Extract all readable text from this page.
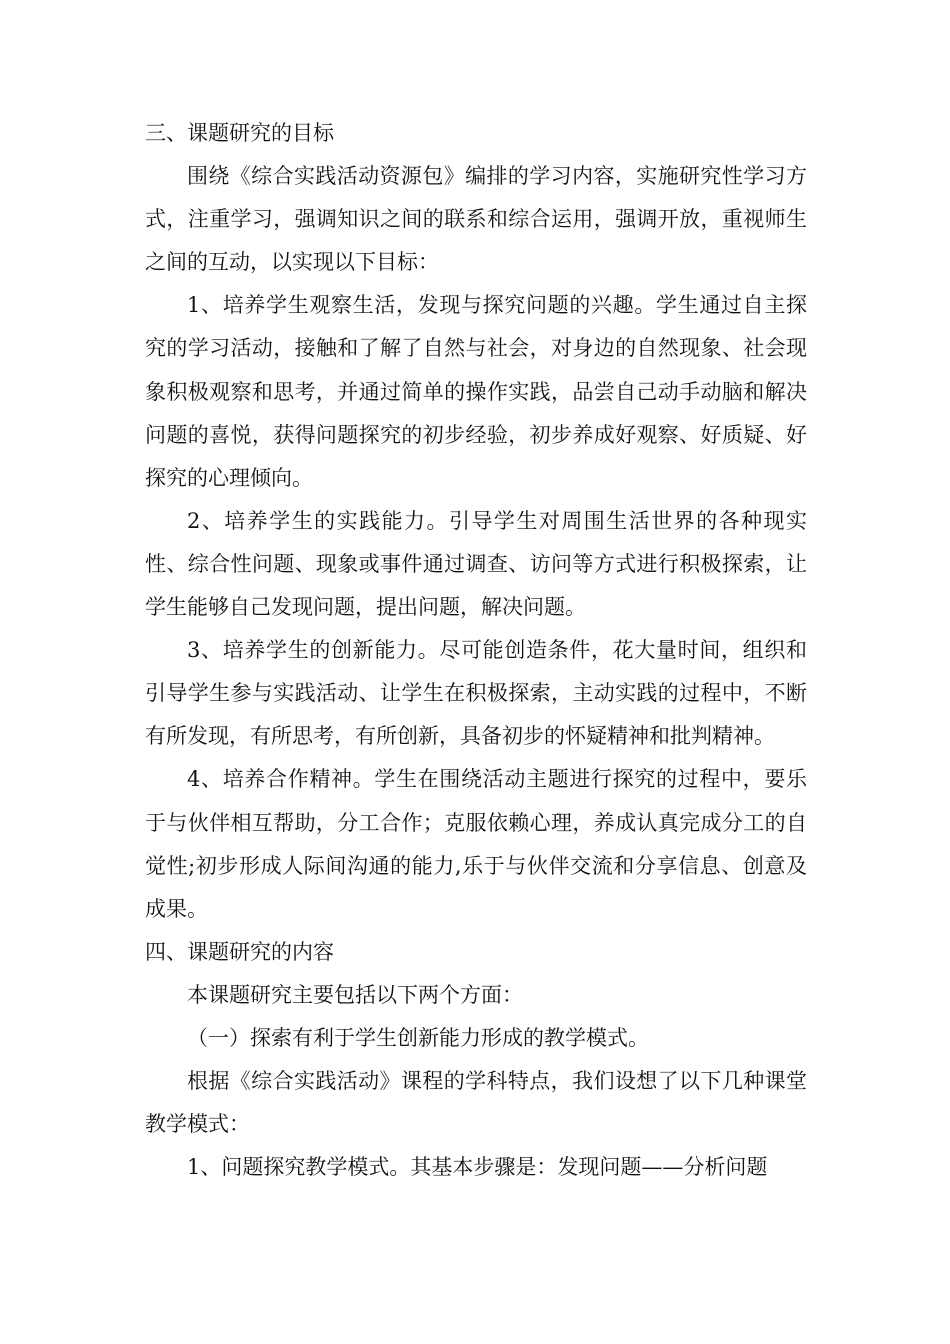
三、课题研究的目标

围绕《综合实践活动资源包》编排的学习内容，实施研究性学习方式，注重学习，强调知识之间的联系和综合运用，强调开放，重视师生之间的互动，以实现以下目标：

1、培养学生观察生活，发现与探究问题的兴趣。学生通过自主探究的学习活动，接触和了解了自然与社会，对身边的自然现象、社会现象积极观察和思考，并通过简单的操作实践，品尝自己动手动脑和解决问题的喜悦，获得问题探究的初步经验，初步养成好观察、好质疑、好探究的心理倾向。

2、培养学生的实践能力。引导学生对周围生活世界的各种现实性、综合性问题、现象或事件通过调查、访问等方式进行积极探索，让学生能够自己发现问题，提出问题，解决问题。

3、培养学生的创新能力。尽可能创造条件，花大量时间，组织和引导学生参与实践活动、让学生在积极探索，主动实践的过程中，不断有所发现，有所思考，有所创新，具备初步的怀疑精神和批判精神。

4、培养合作精神。学生在围绕活动主题进行探究的过程中，要乐于与伙伴相互帮助，分工合作；克服依赖心理，养成认真完成分工的自觉性;初步形成人际间沟通的能力,乐于与伙伴交流和分享信息、创意及成果。

四、课题研究的内容

本课题研究主要包括以下两个方面：

（一）探索有利于学生创新能力形成的教学模式。

根据《综合实践活动》课程的学科特点，我们设想了以下几种课堂教学模式：

1、问题探究教学模式。其基本步骤是：发现问题——分析问题
